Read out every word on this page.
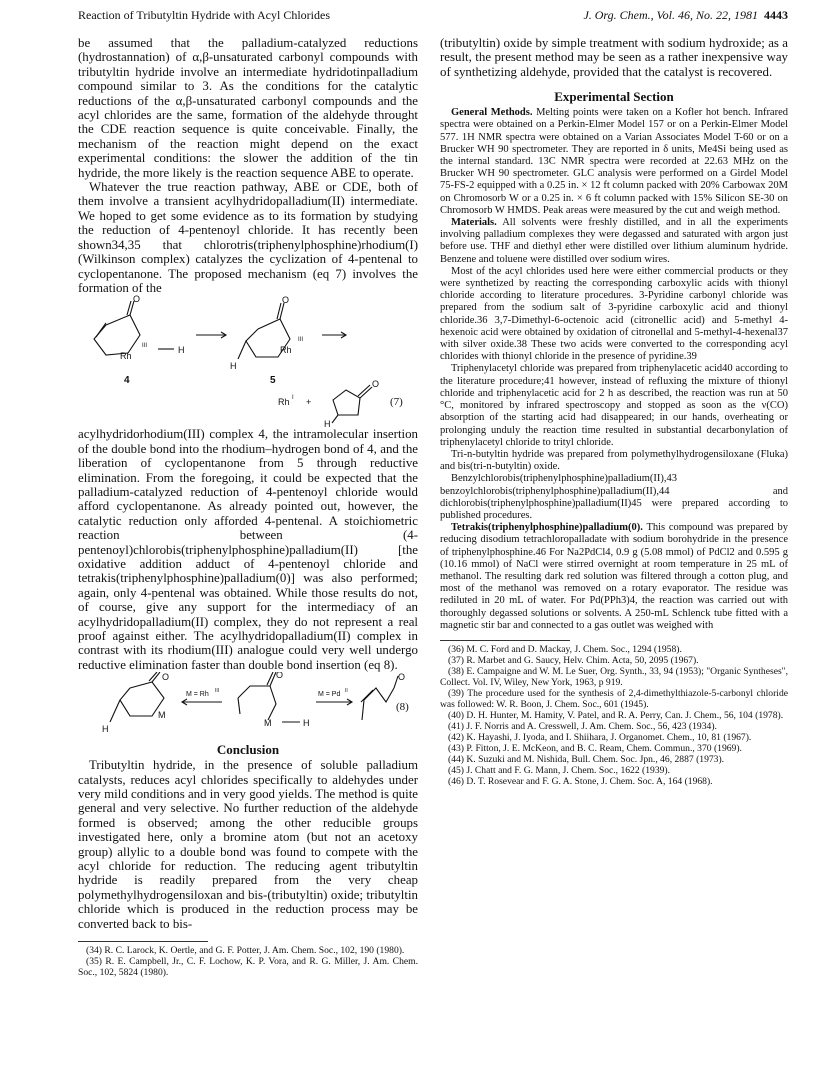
Reaction of Tributyltin Hydride with Acyl Chlorides	J. Org. Chem., Vol. 46, No. 22, 1981 4443

be assumed that the palladium-catalyzed reductions (hydrostannation) of α,β-unsaturated carbonyl compounds with tributyltin hydride involve an intermediate hydridotinpalladium compound similar to 3. As the conditions for the catalytic reductions of the α,β-unsaturated carbonyl compounds and the acyl chlorides are the same, formation of the aldehyde throught the CDE reaction sequence is quite conceivable. Finally, the mechanism of the reaction might depend on the exact experimental conditions: the slower the addition of the tin hydride, the more likely is the reaction sequence ABE to operate.

Whatever the true reaction pathway, ABE or CDE, both of them involve a transient acylhydridopalladium(II) intermediate. We hoped to get some evidence as to its formation by studying the reduction of 4-pentenoyl chloride. It has recently been shown34,35 that chlorotris(triphenylphosphine)rhodium(I) (Wilkinson complex) catalyzes the cyclization of 4-pentenal to cyclopentanone. The proposed mechanism (eq 7) involves the formation of the

O
Rh
III	H
4
O
Rh
III
H
5
Rh I +
O
H
(7)

acylhydridorhodium(III) complex 4, the intramolecular insertion of the double bond into the rhodium–hydrogen bond of 4, and the liberation of cyclopentanone from 5 through reductive elimination. From the foregoing, it could be expected that the palladium-catalyzed reduction of 4-pentenoyl chloride would afford cyclopentanone. As already pointed out, however, the catalytic reduction only afforded 4-pentenal. A stoichiometric reaction between (4-pentenoyl)chlorobis(triphenylphosphine)palladium(II) [the oxidative addition adduct of 4-pentenoyl chloride and tetrakis(triphenylphosphine)palladium(0)] was also performed; again, only 4-pentenal was obtained. While those results do not, of course, give any support for the intermediacy of an acylhydridopalladium(II) complex, they do not represent a real proof against either. The acylhydridopalladium(II) complex in contrast with its rhodium(III) analogue could very well undergo reductive elimination faster than double bond insertion (eq 8).

O
M
H
M = Rh III
O
M	H
M = Pd II
O
(8)
Conclusion

Tributyltin hydride, in the presence of soluble palladium catalysts, reduces acyl chlorides specifically to aldehydes under very mild conditions and in very good yields. The method is quite general and very selective. No further reduction of the aldehyde formed is observed; among the other reducible groups investigated here, only a bromine atom (but not an acetoxy group) allylic to a double bond was found to compete with the acyl chloride for reduction. The reducing agent tributyltin hydride is readily prepared from the very cheap polymethylhydrogensiloxan and bis-(tributyltin) oxide; tributyltin chloride which is produced in the reduction process may be converted back to bis-

(34) R. C. Larock, K. Oertle, and G. F. Potter, J. Am. Chem. Soc., 102, 190 (1980).

(35) R. E. Campbell, Jr., C. F. Lochow, K. P. Vora, and R. G. Miller, J. Am. Chem. Soc., 102, 5824 (1980).

(tributyltin) oxide by simple treatment with sodium hydroxide; as a result, the present method may be seen as a rather inexpensive way of synthetizing aldehyde, provided that the catalyst is recovered.

Experimental Section

General Methods. Melting points were taken on a Kofler hot bench. Infrared spectra were obtained on a Perkin-Elmer Model 157 or on a Perkin-Elmer Model 577. 1H NMR spectra were obtained on a Varian Associates Model T-60 or on a Brucker WH 90 spectrometer. They are reported in δ units, Me4Si being used as the internal standard. 13C NMR spectra were recorded at 22.63 MHz on the Brucker WH 90 spectrometer. GLC analysis were performed on a Girdel Model 75-FS-2 equipped with a 0.25 in. × 12 ft column packed with 20% Carbowax 20M on Chromosorb W or a 0.25 in. × 6 ft column packed with 15% Silicon SE-30 on Chromosorb W HMDS. Peak areas were measured by the cut and weigh method.

Materials. All solvents were freshly distilled, and in all the experiments involving palladium complexes they were degassed and saturated with argon just before use. THF and diethyl ether were distilled over lithium aluminum hydride. Benzene and toluene were distilled over sodium wires.

Most of the acyl chlorides used here were either commercial products or they were synthetized by reacting the corresponding carboxylic acids with thionyl chloride according to literature procedures. 3-Pyridine carbonyl chloride was prepared from the sodium salt of 3-pyridine carboxylic acid and thionyl chloride.36 3,7-Dimethyl-6-octenoic acid (citronellic acid) and 5-methyl 4-hexenoic acid were obtained by oxidation of citronellal and 5-methyl-4-hexenal37 with silver oxide.38 These two acids were converted to the corresponding acyl chlorides with thionyl chloride in the presence of pyridine.39

Triphenylacetyl chloride was prepared from triphenylacetic acid40 according to the literature procedure;41 however, instead of refluxing the mixture of thionyl chloride and triphenylacetic acid for 2 h as described, the reaction was run at 50 °C, monitored by infrared spectroscopy and stopped as soon as the ν(CO) absorption of the starting acid had disappeared; in our hands, overheating or prolonging unduly the reaction time resulted in substantial decarbonylation of triphenylacetyl chloride to trityl chloride.

Tri-n-butyltin hydride was prepared from polymethylhydrogensiloxane (Fluka) and bis(tri-n-butyltin) oxide.

Benzylchlorobis(triphenylphosphine)palladium(II),43 benzoylchlorobis(triphenylphosphine)palladium(II),44 and dichlorobis(triphenylphosphine)palladium(II)45 were prepared according to published procedures.

Tetrakis(triphenylphosphine)palladium(0). This compound was prepared by reducing disodium tetrachloropalladate with sodium borohydride in the presence of triphenylphosphine.46 For Na2PdCl4, 0.9 g (5.08 mmol) of PdCl2 and 0.595 g (10.16 mmol) of NaCl were stirred overnight at room temperature in 25 mL of methanol. The resulting dark red solution was filtered through a cotton plug, and most of the methanol was removed on a rotary evaporator. The residue was rediluted in 20 mL of water. For Pd(PPh3)4, the reaction was carried out with thoroughly degassed solutions or solvents. A 250-mL Schlenck tube fitted with a magnetic stir bar and connected to a gas outlet was weighed with

(36) M. C. Ford and D. Mackay, J. Chem. Soc., 1294 (1958).

(37) R. Marbet and G. Saucy, Helv. Chim. Acta, 50, 2095 (1967).

(38) E. Campaigne and W. M. Le Suer, Org. Synth., 33, 94 (1953); "Organic Syntheses", Collect. Vol. IV, Wiley, New York, 1963, p 919.

(39) The procedure used for the synthesis of 2,4-dimethylthiazole-5-carbonyl chloride was followed: W. R. Boon, J. Chem. Soc., 601 (1945).

(40) D. H. Hunter, M. Hamity, V. Patel, and R. A. Perry, Can. J. Chem., 56, 104 (1978).

(41) J. F. Norris and A. Cresswell, J. Am. Chem. Soc., 56, 423 (1934).

(42) K. Hayashi, J. Iyoda, and I. Shiihara, J. Organomet. Chem., 10, 81 (1967).

(43) P. Fitton, J. E. McKeon, and B. C. Ream, Chem. Commun., 370 (1969).

(44) K. Suzuki and M. Nishida, Bull. Chem. Soc. Jpn., 46, 2887 (1973).

(45) J. Chatt and F. G. Mann, J. Chem. Soc., 1622 (1939).

(46) D. T. Rosevear and F. G. A. Stone, J. Chem. Soc. A, 164 (1968).
